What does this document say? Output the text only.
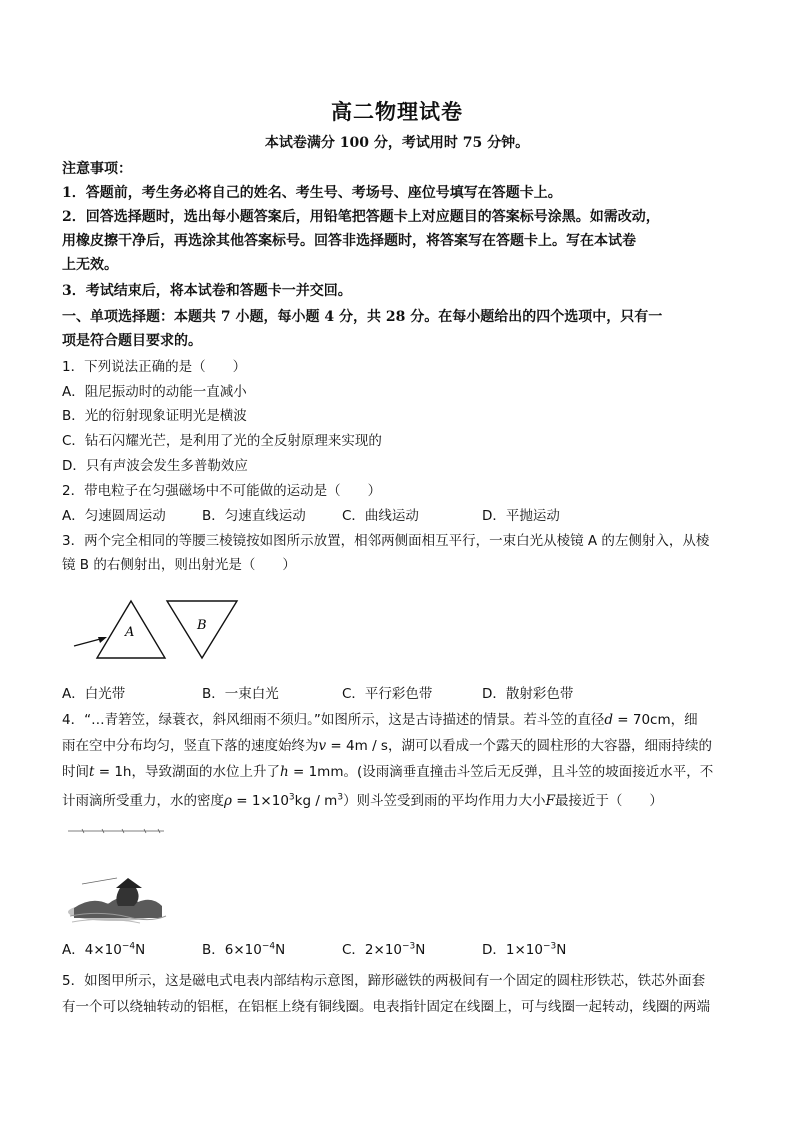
高二物理试卷
本试卷满分 100 分，考试用时 75 分钟。
注意事项：
1．答题前，考生务必将自己的姓名、考生号、考场号、座位号填写在答题卡上。
2．回答选择题时，选出每小题答案后，用铅笔把答题卡上对应题目的答案标号涂黑。如需改动，
用橡皮擦干净后，再选涂其他答案标号。回答非选择题时，将答案写在答题卡上。写在本试卷
上无效。
3．考试结束后，将本试卷和答题卡一并交回。
一、单项选择题：本题共 7 小题，每小题 4 分，共 28 分。在每小题给出的四个选项中，只有一
项是符合题目要求的。
1．下列说法正确的是（　　）
A．阻尼振动时的动能一直减小
B．光的衍射现象证明光是横波
C．钻石闪耀光芒，是利用了光的全反射原理来实现的
D．只有声波会发生多普勒效应
2．带电粒子在匀强磁场中不可能做的运动是（　　）
A．匀速圆周运动	B．匀速直线运动	C．曲线运动	D．平抛运动
3．两个完全相同的等腰三棱镜按如图所示放置，相邻两侧面相互平行，一束白光从棱镜 A 的左侧射入，从棱
镜 B 的右侧射出，则出射光是（　　）
A	B
A．白光带	B．一束白光	C．平行彩色带	D．散射彩色带
4．“…青箬笠，绿蓑衣，斜风细雨不须归。”如图所示，这是古诗描述的情景。若斗笠的直径d = 70cm，细
雨在空中分布均匀，竖直下落的速度始终为v = 4m / s，湖可以看成一个露天的圆柱形的大容器，细雨持续的
时间t = 1h，导致湖面的水位上升了h = 1mm。(设雨滴垂直撞击斗笠后无反弹，且斗笠的坡面接近水平，不
计雨滴所受重力，水的密度$\rho = 1\times 10^3kg / m^3$）则斗笠受到雨的平均作用力大小F最接近于（　　）
A．$4\times 10^{-4}N$	B．$6\times 10^{-4}N$	C．$2\times 10^{-3}N$	D．$1\times 10^{-3}N$
5．如图甲所示，这是磁电式电表内部结构示意图，蹄形磁铁的两极间有一个固定的圆柱形铁芯，铁芯外面套
有一个可以绕轴转动的铝框，在铝框上绕有铜线圈。电表指针固定在线圈上，可与线圈一起转动，线圈的两端
